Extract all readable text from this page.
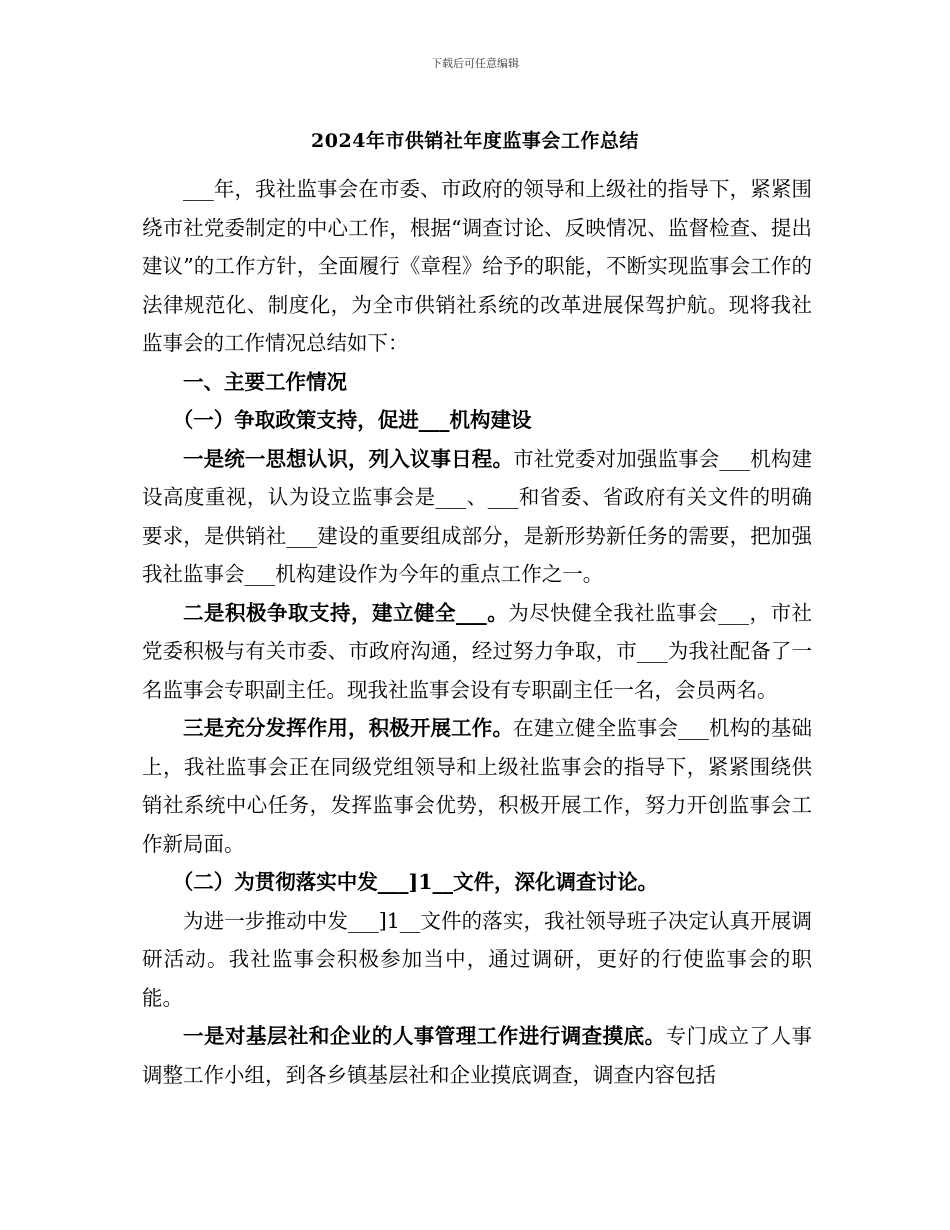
下载后可任意编辑
2024年市供销社年度监事会工作总结

___年，我社监事会在市委、市政府的领导和上级社的指导下，紧紧围绕市社党委制定的中心工作，根据“调查讨论、反映情况、监督检查、提出建议”的工作方针，全面履行《章程》给予的职能，不断实现监事会工作的法律规范化、制度化，为全市供销社系统的改革进展保驾护航。现将我社监事会的工作情况总结如下：

一、主要工作情况

（一）争取政策支持，促进___机构建设

一是统一思想认识，列入议事日程。市社党委对加强监事会___机构建设高度重视，认为设立监事会是___、___和省委、省政府有关文件的明确要求，是供销社___建设的重要组成部分，是新形势新任务的需要，把加强我社监事会___机构建设作为今年的重点工作之一。

二是积极争取支持，建立健全___。为尽快健全我社监事会___，市社党委积极与有关市委、市政府沟通，经过努力争取，市___为我社配备了一名监事会专职副主任。现我社监事会设有专职副主任一名，会员两名。

三是充分发挥作用，积极开展工作。在建立健全监事会___机构的基础上，我社监事会正在同级党组领导和上级社监事会的指导下，紧紧围绕供销社系统中心任务，发挥监事会优势，积极开展工作，努力开创监事会工作新局面。

（二）为贯彻落实中发___]1__文件，深化调查讨论。

为进一步推动中发___]1__文件的落实，我社领导班子决定认真开展调研活动。我社监事会积极参加当中，通过调研，更好的行使监事会的职能。

一是对基层社和企业的人事管理工作进行调查摸底。专门成立了人事调整工作小组，到各乡镇基层社和企业摸底调查，调查内容包括
